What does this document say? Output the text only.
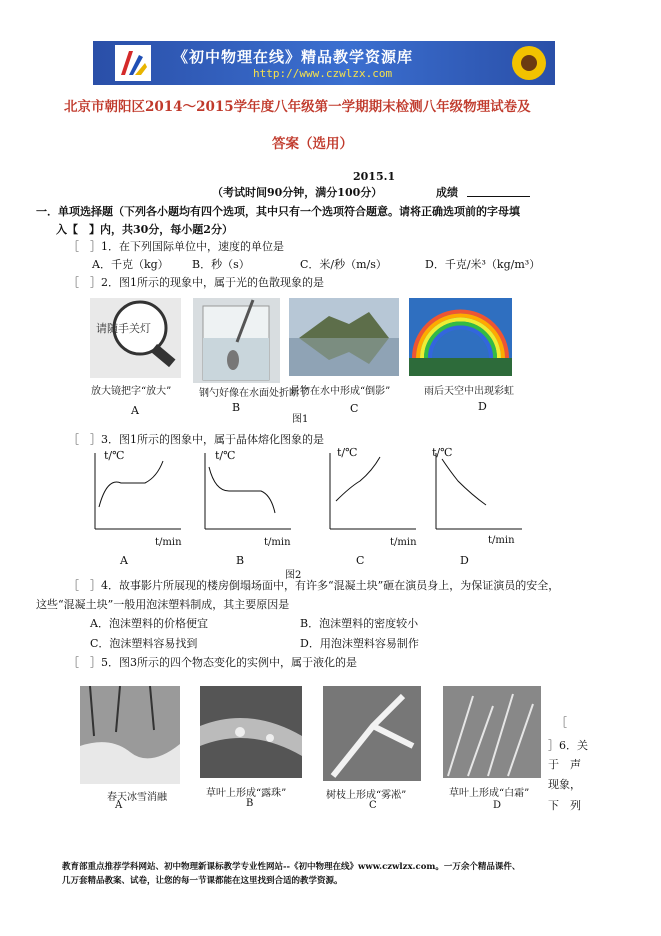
《初中物理在线》精品教学资源库
http://www.czwlzx.com
北京市朝阳区2014～2015学年度八年级第一学期期末检测八年级物理试卷及
答案（选用）
2015.1
（考试时间90分钟，满分100分）	成绩
一．单项选择题（下列各小题均有四个选项，其中只有一个选项符合题意。请将正确选项前的字母填
入【　】内，共30分，每小题2分）
［　］1．在下列国际单位中，速度的单位是
A．千克（kg） B．秒（s）	C．米/秒（m/s）	D．千克/米³（kg/m³）
［　］2．图1所示的现象中，属于光的色散现象的是
请随手关灯
放大镜把字“放大”	钢勺好像在水面处折断了
景物在水中形成“倒影”	雨后天空中出现彩虹
A	B	C	D
图1
［　］3．图1所示的图象中，属于晶体熔化图象的是
t/℃	t/℃	t/℃	t/℃
t/min	t/min	t/min	t/min
A	B	C	D
图2
［　］4．故事影片所展现的楼房倒塌场面中，有许多“混凝土块”砸在演员身上，为保证演员的安全，
这些“混凝土块”一般用泡沫塑料制成，其主要原因是
A．泡沫塑料的价格便宜	B．泡沫塑料的密度较小
C．泡沫塑料容易找到	D．用泡沫塑料容易制作
［　］5．图3所示的四个物态变化的实例中，属于液化的是
春天冰雪消融	草叶上形成“露珠”	树枝上形成“雾凇”	草叶上形成“白霜”
A	B	C	D
［
］6．关
于　声
现象，
下　列
教育部重点推荐学科网站、初中物理新课标教学专业性网站--《初中物理在线》www.czwlzx.com。一万余个精品课件、
几万套精品教案、试卷，让您的每一节课都能在这里找到合适的教学资源。
